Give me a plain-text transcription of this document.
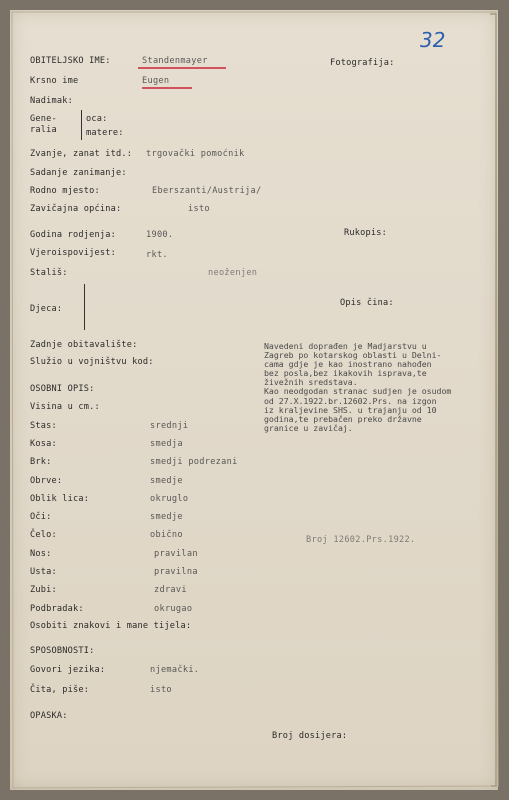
32
OBITELJSKO IME:	Standenmayer
Krsno ime	Eugen
Nadimak:
Gene-
ralia
oca:
matere:
Zvanje, zanat itd.: trgovački pomoćnik
Sadanje zanimanje:
Rodno mjesto:	Eberszanti/Austrija/
Zavičajna općina:	isto
Godina rodjenja:	1900.
Vjeroispovijest:	rkt.
Stališ:	neoženjen
Djeca:
Zadnje obitavalište:
Služio u vojništvu kod:
OSOBNI OPIS:
Visina u cm.:
Stas:	srednji
Kosa:	smedja
Brk:	smedji podrezani
Obrve:	smedje
Oblik lica:	okruglo
Oči:	smedje
Čelo:	obično
Nos:	pravilan
Usta:	pravilna
Zubi:	zdravi
Podbradak:	okrugao
Osobiti znakovi i mane tijela:
SPOSOBNOSTI:
Govori jezika:	njemački.
Čita, piše:	isto
OPASKA:
Fotografija:
Rukopis:
Opis čina:
Navedeni doprađen je Madjarstvu u
Zagreb po kotarskog oblasti u Delni-
cama gdje je kao inostrano nahođen
bez posla,bez ikakovih isprava,te
živežnih sredstava.
Kao neodgodan stranac sudjen je osudom
od 27.X.1922.br.12602.Prs. na izgon
iz kraljevine SHS. u trajanju od 10
godina,te prebačen preko državne
granice u zavičaj.
Broj 12602.Prs.1922.
Broj dosijera:
